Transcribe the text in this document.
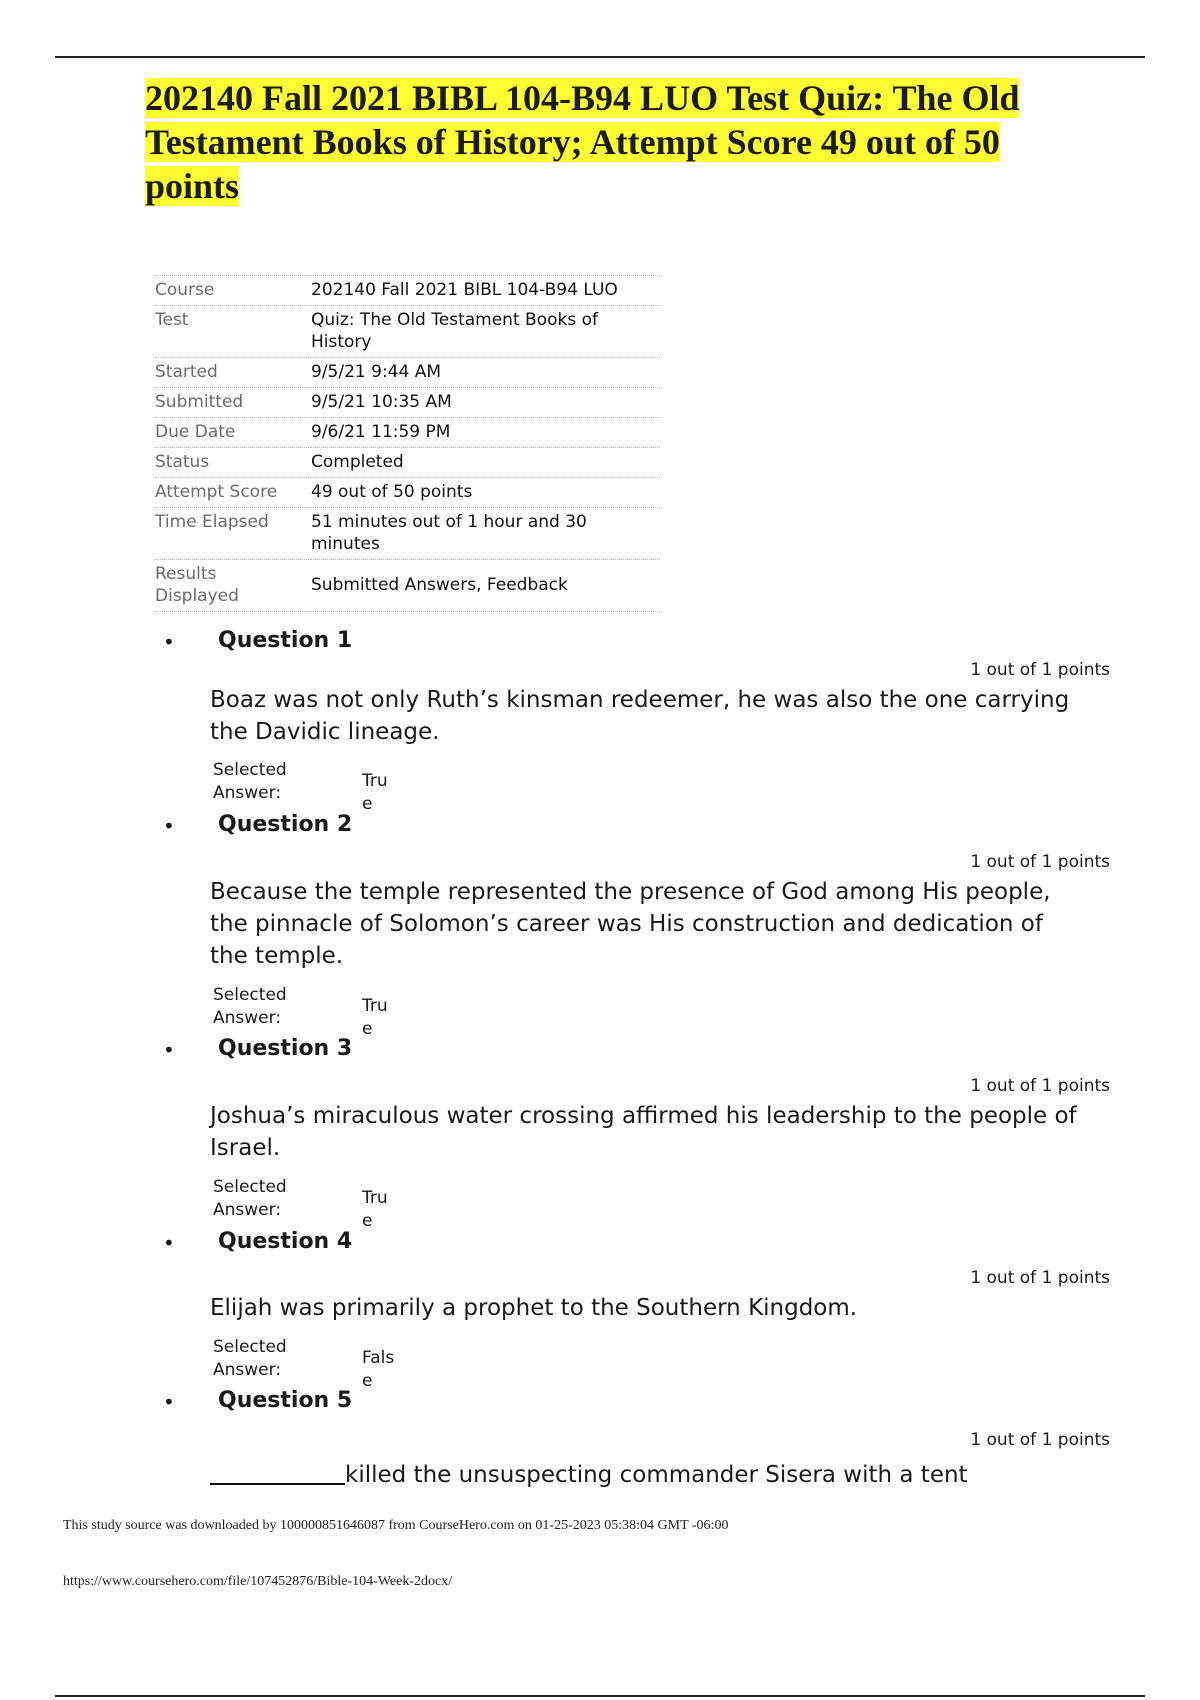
202140 Fall 2021 BIBL 104-B94 LUO Test Quiz: The Old Testament Books of History; Attempt Score 49 out of 50 points
Course	202140 Fall 2021 BIBL 104-B94 LUO
Test	Quiz: The Old Testament Books of History
Started	9/5/21 9:44 AM
Submitted	9/5/21 10:35 AM
Due Date	9/6/21 11:59 PM
Status	Completed
Attempt Score	49 out of 50 points
Time Elapsed	51 minutes out of 1 hour and 30 minutes
Results Displayed	Submitted Answers, Feedback
• Question 1
1 out of 1 points

Boaz was not only Ruth’s kinsman redeemer, he was also the one carrying the Davidic lineage.

Selected Answer:
True
• Question 2
1 out of 1 points

Because the temple represented the presence of God among His people, the pinnacle of Solomon’s career was His construction and dedication of the temple.

Selected Answer:
True
• Question 3
1 out of 1 points

Joshua’s miraculous water crossing affirmed his leadership to the people of Israel.

Selected Answer:
True
• Question 4
1 out of 1 points

Elijah was primarily a prophet to the Southern Kingdom.

Selected Answer:
False
• Question 5
1 out of 1 points

killed the unsuspecting commander Sisera with a tent

This study source was downloaded by 100000851646087 from CourseHero.com on 01-25-2023 05:38:04 GMT -06:00
https://www.coursehero.com/file/107452876/Bible-104-Week-2docx/
